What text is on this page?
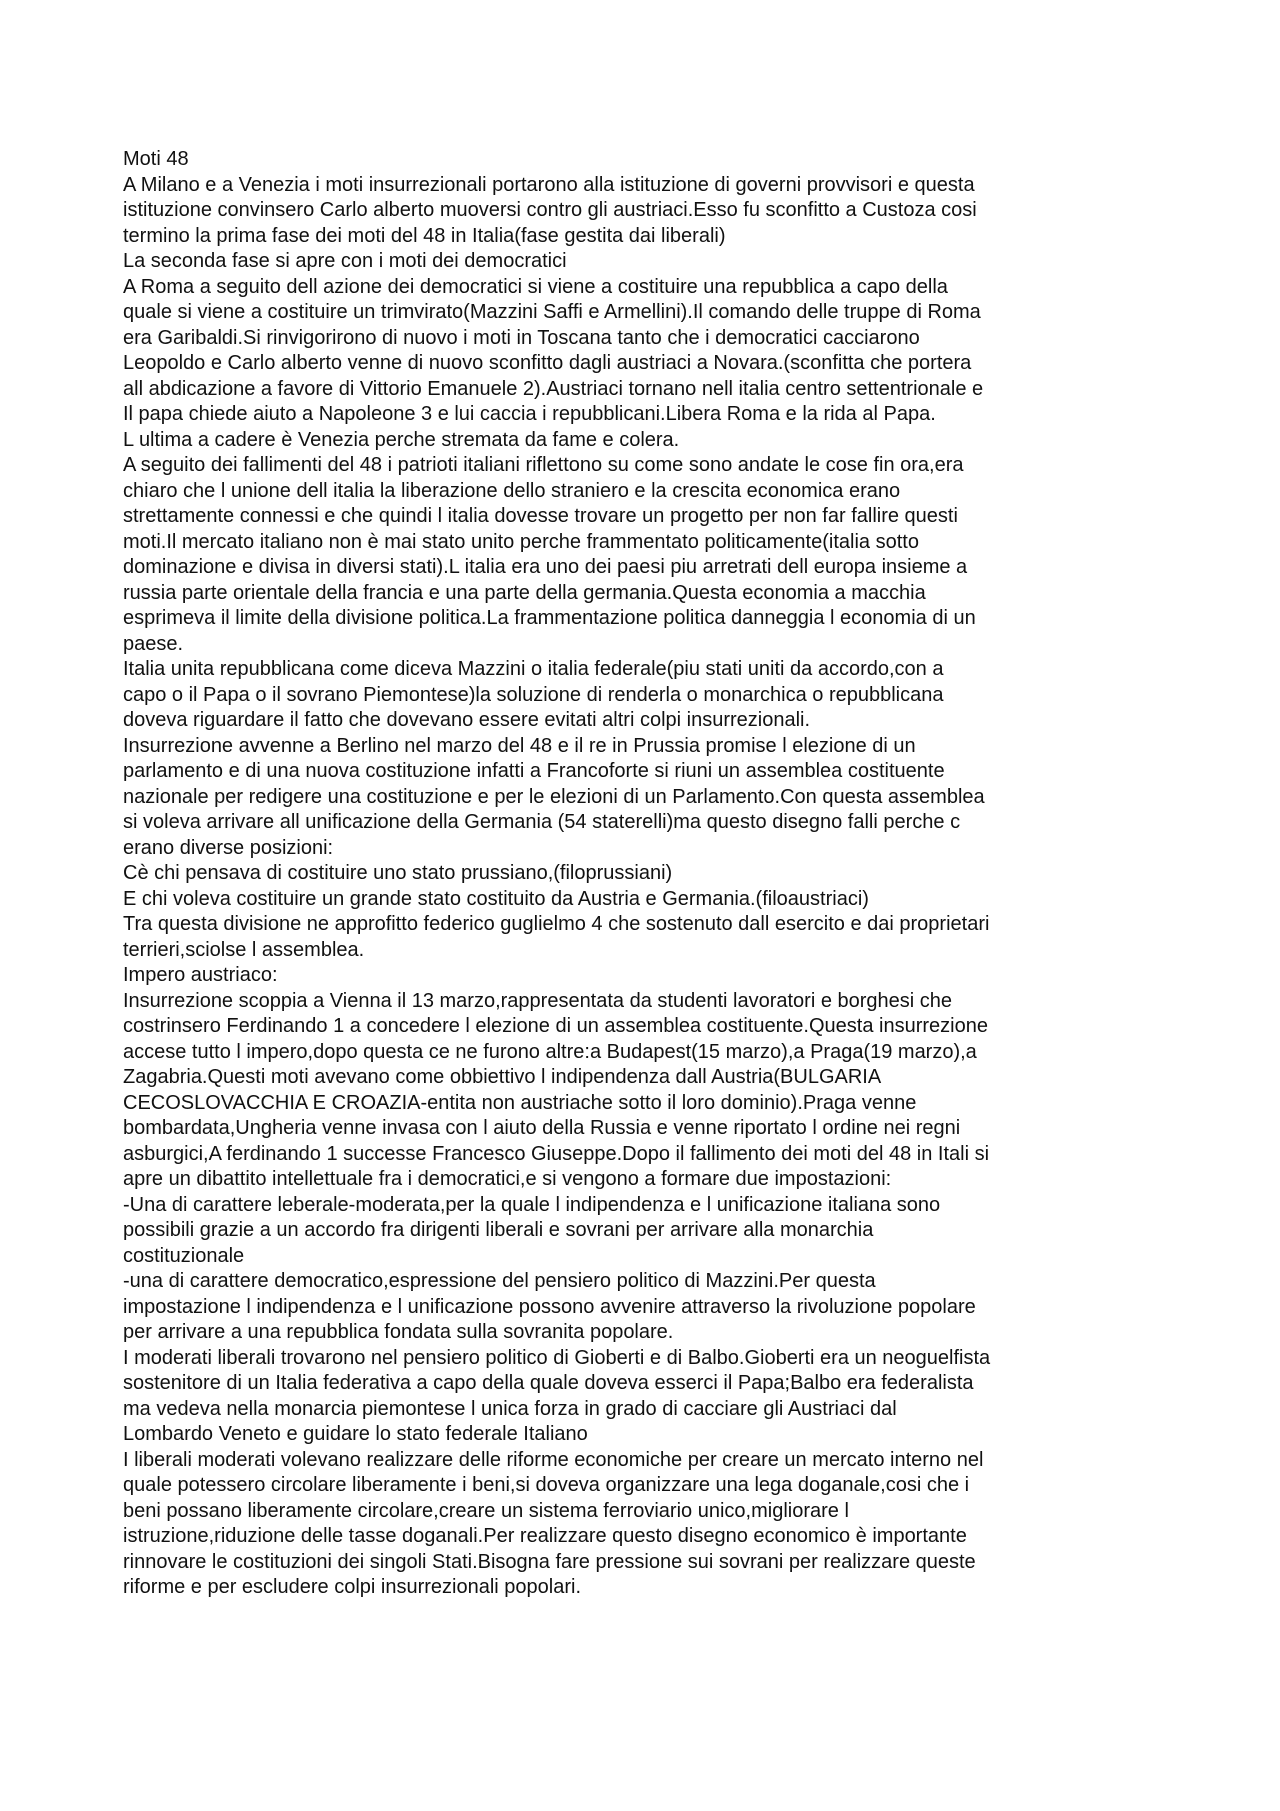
Moti 48

A Milano e a Venezia i moti insurrezionali portarono alla istituzione di governi provvisori e questa

istituzione convinsero Carlo alberto muoversi contro gli austriaci.Esso fu sconfitto a Custoza cosi

termino la prima fase dei moti del 48 in Italia(fase gestita dai liberali)

La seconda fase si apre con i moti dei democratici

A Roma a seguito dell azione dei democratici si viene a costituire una repubblica a capo della

quale si viene a costituire un trimvirato(Mazzini Saffi e Armellini).Il comando delle truppe di Roma

era Garibaldi.Si rinvigorirono di nuovo i moti in Toscana tanto che i democratici cacciarono

Leopoldo e Carlo alberto venne di nuovo sconfitto dagli austriaci a Novara.(sconfitta che portera

all abdicazione a favore di Vittorio Emanuele 2).Austriaci tornano nell italia centro settentrionale e

Il papa chiede aiuto a Napoleone 3 e lui caccia i repubblicani.Libera Roma e la rida al Papa.

L ultima a cadere è Venezia perche stremata da fame e colera.

A seguito dei fallimenti del 48 i patrioti italiani riflettono su come sono andate le cose fin ora,era

chiaro che l unione dell italia la liberazione dello straniero e la crescita economica erano

strettamente connessi e che quindi l italia dovesse trovare un progetto per non far fallire questi

moti.Il mercato italiano non è mai stato unito perche frammentato politicamente(italia sotto

dominazione e divisa in diversi stati).L italia era uno dei paesi piu arretrati dell europa insieme a

russia parte orientale della francia e una parte della germania.Questa economia a macchia

esprimeva il limite della divisione politica.La frammentazione politica danneggia l economia di un

paese.

Italia unita repubblicana come diceva Mazzini o italia federale(piu stati uniti da accordo,con a

capo o il Papa o il sovrano Piemontese)la soluzione di renderla o monarchica o repubblicana

doveva riguardare il fatto che dovevano essere evitati altri colpi insurrezionali.

Insurrezione avvenne a Berlino nel marzo del 48 e il re in Prussia promise l elezione di un

parlamento e di una nuova costituzione infatti a Francoforte si riuni un assemblea costituente

nazionale per redigere una costituzione e per le elezioni di un Parlamento.Con questa assemblea

si voleva arrivare all unificazione della Germania (54 staterelli)ma questo disegno falli perche c

erano diverse posizioni:

Cè chi pensava di costituire uno stato prussiano,(filoprussiani)

E chi voleva costituire un grande stato costituito da Austria e Germania.(filoaustriaci)

Tra questa divisione ne approfitto federico guglielmo 4 che sostenuto dall esercito e dai proprietari

terrieri,sciolse l assemblea.

Impero austriaco:

Insurrezione scoppia a Vienna il 13 marzo,rappresentata da studenti lavoratori e borghesi che

costrinsero Ferdinando 1 a concedere l elezione di un assemblea costituente.Questa insurrezione

accese tutto l impero,dopo questa ce ne furono altre:a Budapest(15 marzo),a Praga(19 marzo),a

Zagabria.Questi moti avevano come obbiettivo l indipendenza dall Austria(BULGARIA

CECOSLOVACCHIA E CROAZIA-entita non austriache sotto il loro dominio).Praga venne

bombardata,Ungheria venne invasa con l aiuto della Russia e venne riportato l ordine nei regni

asburgici,A ferdinando 1 successe Francesco Giuseppe.Dopo il fallimento dei moti del 48 in Itali si

apre un dibattito intellettuale fra i democratici,e si vengono a formare due impostazioni:

-Una di carattere leberale-moderata,per la quale l indipendenza e l unificazione italiana sono

possibili grazie a un accordo fra dirigenti liberali e sovrani per arrivare alla monarchia

costituzionale

-una di carattere democratico,espressione del pensiero politico di Mazzini.Per questa

impostazione l indipendenza e l unificazione possono avvenire attraverso la rivoluzione popolare

per arrivare a una repubblica fondata sulla sovranita popolare.

I moderati liberali trovarono nel pensiero politico di Gioberti e di Balbo.Gioberti era un neoguelfista

sostenitore di un Italia federativa a capo della quale doveva esserci il Papa;Balbo era federalista

ma vedeva nella monarcia piemontese l unica forza in grado di cacciare gli Austriaci dal

Lombardo Veneto e guidare lo stato federale Italiano

I liberali moderati volevano realizzare delle riforme economiche per creare un mercato interno nel

quale potessero circolare liberamente i beni,si doveva organizzare una lega doganale,cosi che i

beni possano liberamente circolare,creare un sistema ferroviario unico,migliorare l

istruzione,riduzione delle tasse doganali.Per realizzare questo disegno economico è importante

rinnovare le costituzioni dei singoli Stati.Bisogna fare pressione sui sovrani per realizzare queste

riforme e per escludere colpi insurrezionali popolari.
